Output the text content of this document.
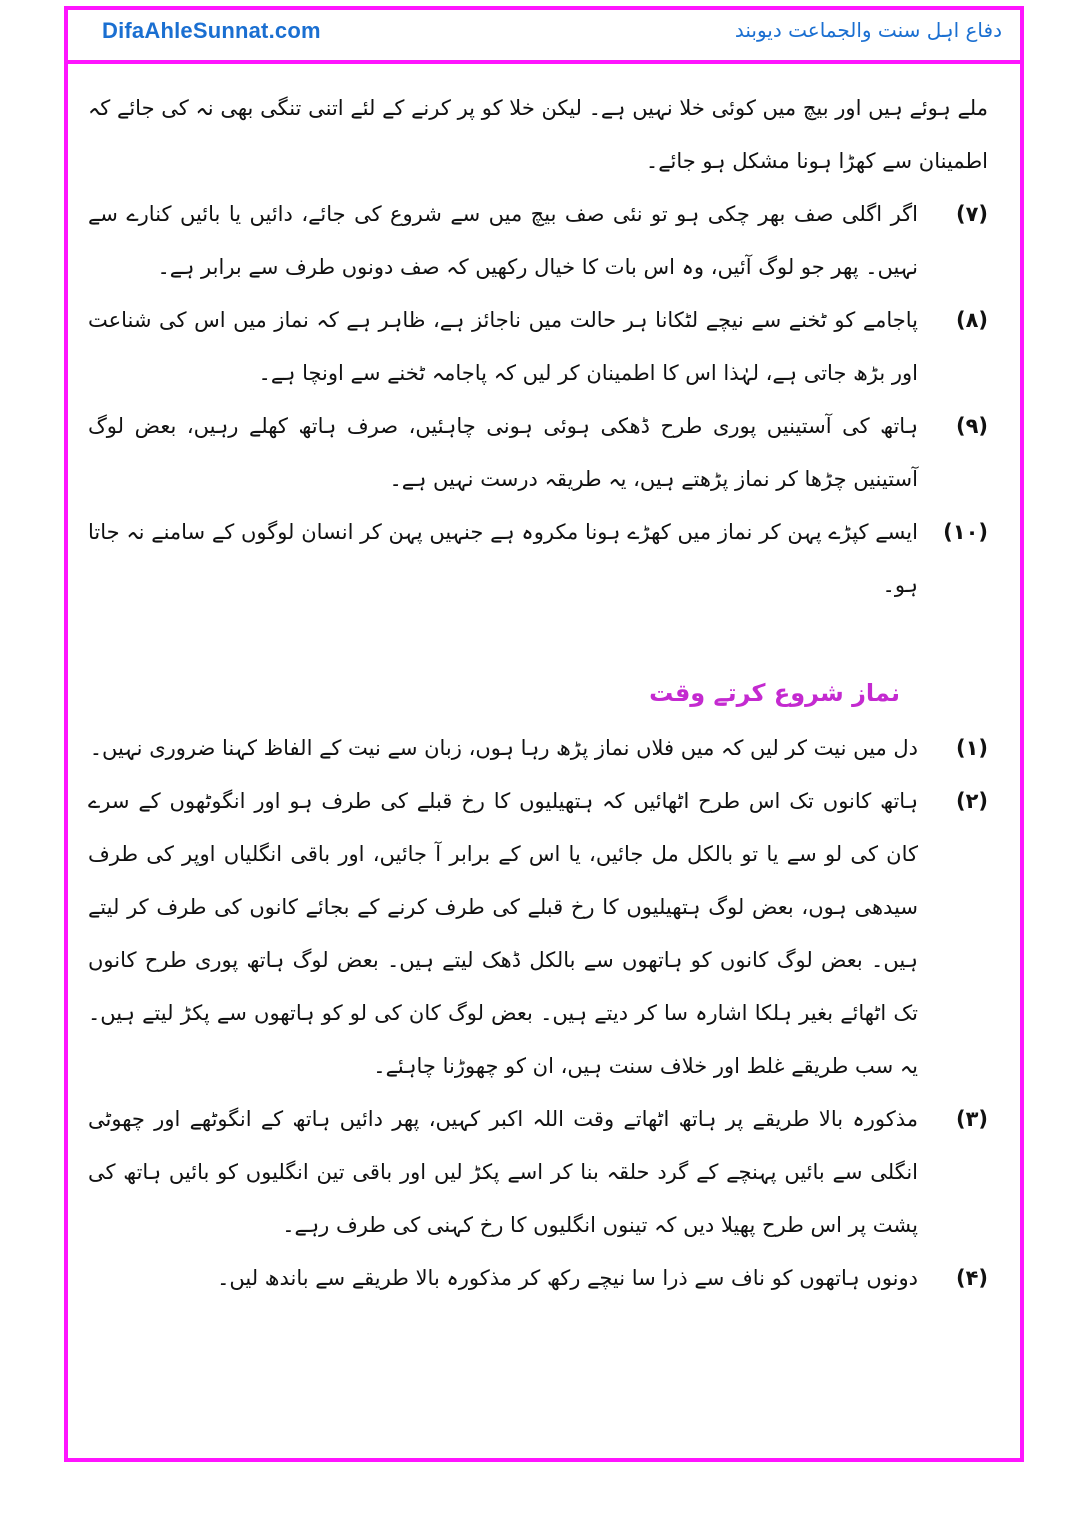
DifaAhleSunnat.com	دفاع اہل سنت والجماعت دیوبند

ملے ہوئے ہیں اور بیچ میں کوئی خلا نہیں ہے۔ لیکن خلا کو پر کرنے کے لئے اتنی تنگی بھی نہ کی جائے کہ اطمینان سے کھڑا ہونا مشکل ہو جائے۔

(۷)

اگر اگلی صف بھر چکی ہو تو نئی صف بیچ میں سے شروع کی جائے، دائیں یا بائیں کنارے سے نہیں۔ پھر جو لوگ آئیں، وہ اس بات کا خیال رکھیں کہ صف دونوں طرف سے برابر ہے۔

(۸)

پاجامے کو ٹخنے سے نیچے لٹکانا ہر حالت میں ناجائز ہے، ظاہر ہے کہ نماز میں اس کی شناعت اور بڑھ جاتی ہے، لہٰذا اس کا اطمینان کر لیں کہ پاجامہ ٹخنے سے اونچا ہے۔

(۹)

ہاتھ کی آستینیں پوری طرح ڈھکی ہوئی ہونی چاہئیں، صرف ہاتھ کھلے رہیں، بعض لوگ آستینیں چڑھا کر نماز پڑھتے ہیں، یہ طریقہ درست نہیں ہے۔

(۱۰)

ایسے کپڑے پہن کر نماز میں کھڑے ہونا مکروہ ہے جنہیں پہن کر انسان لوگوں کے سامنے نہ جاتا ہو۔

نماز شروع کرتے وقت
(۱)

دل میں نیت کر لیں کہ میں فلاں نماز پڑھ رہا ہوں، زبان سے نیت کے الفاظ کہنا ضروری نہیں۔

(۲)

ہاتھ کانوں تک اس طرح اٹھائیں کہ ہتھیلیوں کا رخ قبلے کی طرف ہو اور انگوٹھوں کے سرے کان کی لو سے یا تو بالکل مل جائیں، یا اس کے برابر آ جائیں، اور باقی انگلیاں اوپر کی طرف سیدھی ہوں، بعض لوگ ہتھیلیوں کا رخ قبلے کی طرف کرنے کے بجائے کانوں کی طرف کر لیتے ہیں۔ بعض لوگ کانوں کو ہاتھوں سے بالکل ڈھک لیتے ہیں۔ بعض لوگ ہاتھ پوری طرح کانوں تک اٹھائے بغیر ہلکا اشارہ سا کر دیتے ہیں۔ بعض لوگ کان کی لو کو ہاتھوں سے پکڑ لیتے ہیں۔ یہ سب طریقے غلط اور خلاف سنت ہیں، ان کو چھوڑنا چاہئے۔

(۳)

مذکورہ بالا طریقے پر ہاتھ اٹھاتے وقت اللہ اکبر کہیں، پھر دائیں ہاتھ کے انگوٹھے اور چھوٹی انگلی سے بائیں پہنچے کے گرد حلقہ بنا کر اسے پکڑ لیں اور باقی تین انگلیوں کو بائیں ہاتھ کی پشت پر اس طرح پھیلا دیں کہ تینوں انگلیوں کا رخ کہنی کی طرف رہے۔

(۴)

دونوں ہاتھوں کو ناف سے ذرا سا نیچے رکھ کر مذکورہ بالا طریقے سے باندھ لیں۔
